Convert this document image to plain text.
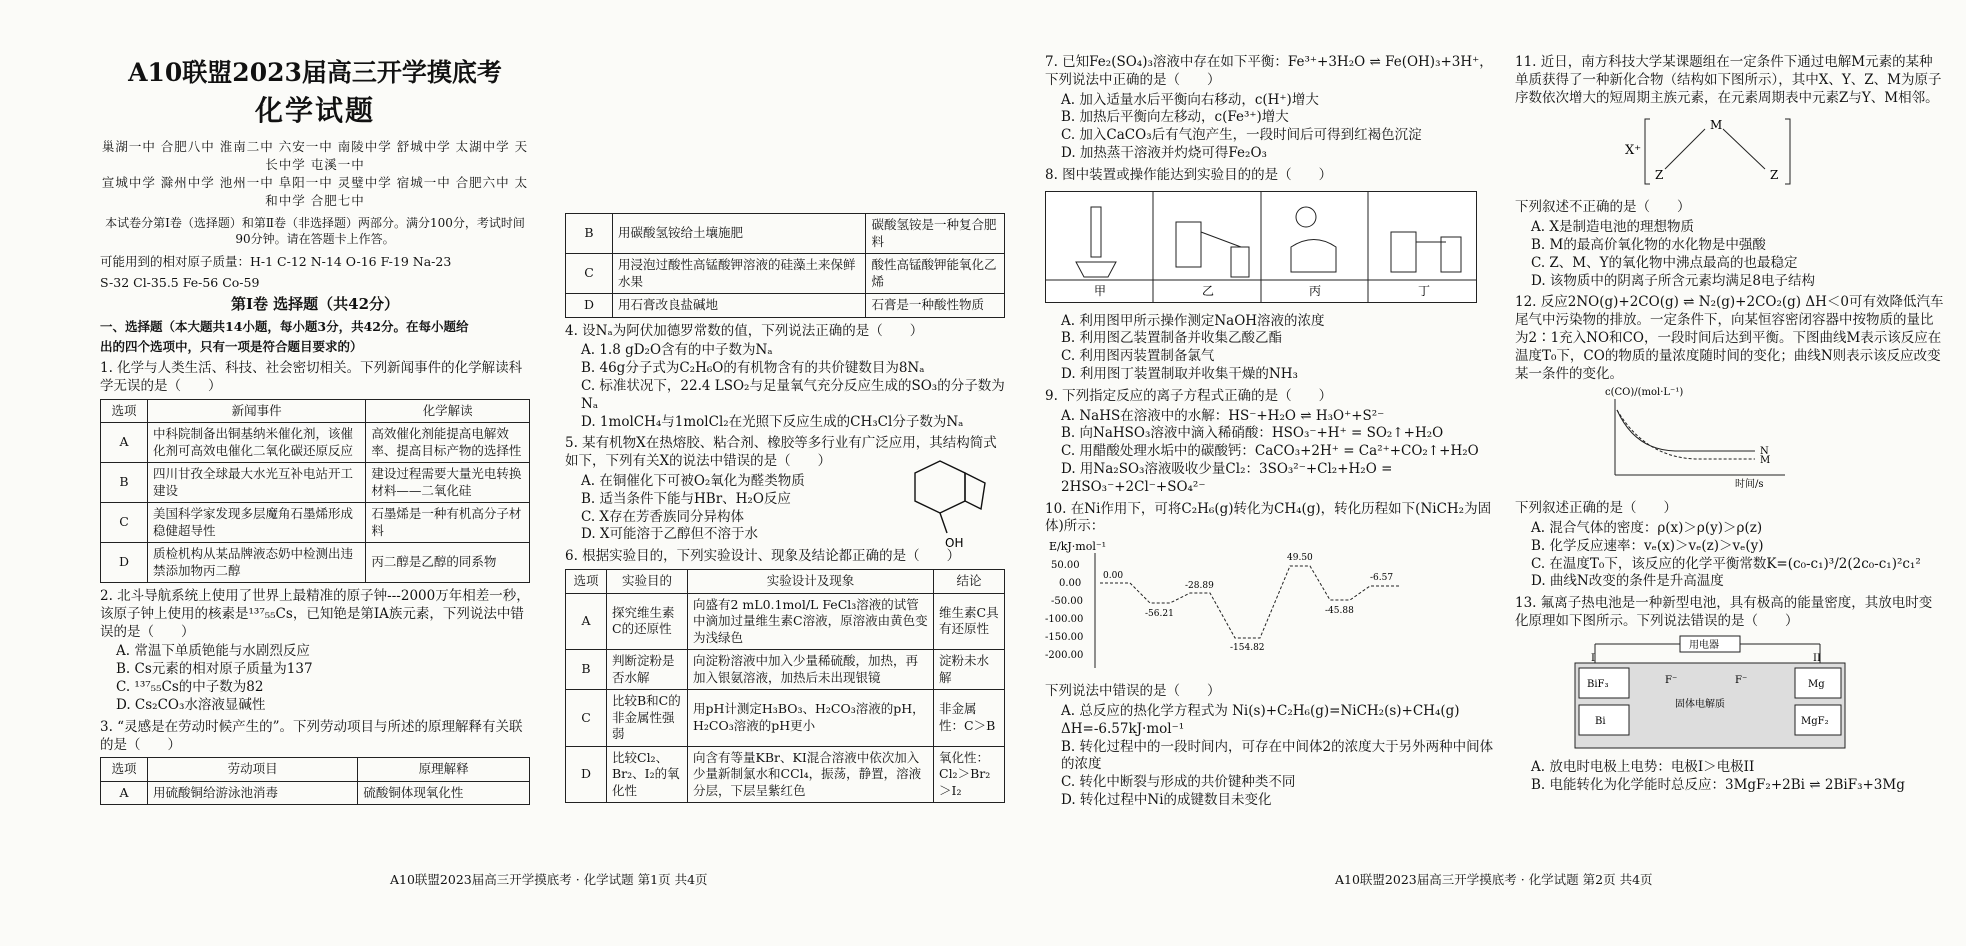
A10联盟2023届高三开学摸底考
化学试题
巢湖一中 合肥八中 淮南二中 六安一中 南陵中学 舒城中学 太湖中学 天长中学 屯溪一中
宣城中学 滁州中学 池州一中 阜阳一中 灵璧中学 宿城一中 合肥六中 太和中学 合肥七中
本试卷分第Ⅰ卷（选择题）和第Ⅱ卷（非选择题）两部分。满分100分，考试时间90分钟。请在答题卡上作答。
可能用到的相对原子质量：H-1 C-12 N-14 O-16 F-19 Na-23
S-32 Cl-35.5 Fe-56 Co-59
第Ⅰ卷 选择题（共42分）
一、选择题（本大题共14小题，每小题3分，共42分。在每小题给
出的四个选项中，只有一项是符合题目要求的）
1. 化学与人类生活、科技、社会密切相关。下列新闻事件的化学解读科学无误的是（　　）
选项	新闻事件	化学解读
A	中科院制备出铜基纳米催化剂，该催化剂可高效电催化二氧化碳还原反应	高效催化剂能提高电解效率、提高目标产物的选择性
B	四川甘孜全球最大水光互补电站开工建设	建设过程需要大量光电转换材料——二氧化硅
C	美国科学家发现多层魔角石墨烯形成稳健超导性	石墨烯是一种有机高分子材料
D	质检机构从某品牌液态奶中检测出违禁添加物丙二醇	丙二醇是乙醇的同系物
2. 北斗导航系统上使用了世界上最精准的原子钟---2000万年相差一秒，该原子钟上使用的核素是¹³⁷₅₅Cs，已知铯是第IA族元素，下列说法中错误的是（　　）
A. 常温下单质铯能与水剧烈反应
B. Cs元素的相对原子质量为137
C. ¹³⁷₅₅Cs的中子数为82
D. Cs₂CO₃水溶液显碱性
3. “灵感是在劳动时候产生的”。下列劳动项目与所述的原理解释有关联的是（　　）
选项	劳动项目	原理解释
A	用硫酸铜给游泳池消毒	硫酸铜体现氧化性
B	用碳酸氢铵给土壤施肥	碳酸氢铵是一种复合肥料
C	用浸泡过酸性高锰酸钾溶液的硅藻土来保鲜水果	酸性高锰酸钾能氧化乙烯
D	用石膏改良盐碱地	石膏是一种酸性物质
4. 设Nₐ为阿伏加德罗常数的值，下列说法正确的是（　　）
A. 1.8 gD₂O含有的中子数为Nₐ
B. 46g分子式为C₂H₆O的有机物含有的共价键数目为8Nₐ
C. 标准状况下，22.4 LSO₂与足量氧气充分反应生成的SO₃的分子数为Nₐ
D. 1molCH₄与1molCl₂在光照下反应生成的CH₃Cl分子数为Nₐ
5. 某有机物X在热熔胶、粘合剂、橡胶等多行业有广泛应用，其结构简式如下，下列有关X的说法中错误的是（　　）
A. 在铜催化下可被O₂氧化为醛类物质
B. 适当条件下能与HBr、H₂O反应
C. X存在芳香族同分异构体
D. X可能溶于乙醇但不溶于水
OH
6. 根据实验目的，下列实验设计、现象及结论都正确的是（　　）
选项	实验目的	实验设计及现象	结论
A	探究维生素C的还原性	向盛有2 mL0.1mol/L FeCl₃溶液的试管中滴加过量维生素C溶液，原溶液由黄色变为浅绿色	维生素C具有还原性
B	判断淀粉是否水解	向淀粉溶液中加入少量稀硫酸，加热，再加入银氨溶液，加热后未出现银镜	淀粉未水解
C	比较B和C的非金属性强弱	用pH计测定H₃BO₃、H₂CO₃溶液的pH，H₂CO₃溶液的pH更小	非金属性：C＞B
D	比较Cl₂、Br₂、I₂的氧化性	向含有等量KBr、KI混合溶液中依次加入少量新制氯水和CCl₄，振荡，静置，溶液分层，下层呈紫红色	氧化性：Cl₂＞Br₂＞I₂
A10联盟2023届高三开学摸底考 · 化学试题 第1页 共4页
7. 已知Fe₂(SO₄)₃溶液中存在如下平衡：Fe³⁺+3H₂O ⇌ Fe(OH)₃+3H⁺，下列说法中正确的是（　　）
A. 加入适量水后平衡向右移动，c(H⁺)增大
B. 加热后平衡向左移动，c(Fe³⁺)增大
C. 加入CaCO₃后有气泡产生，一段时间后可得到红褐色沉淀
D. 加热蒸干溶液并灼烧可得Fe₂O₃
8. 图中装置或操作能达到实验目的的是（　　）
甲	乙	丙	丁
A. 利用图甲所示操作测定NaOH溶液的浓度
B. 利用图乙装置制备并收集乙酸乙酯
C. 利用图丙装置制备氯气
D. 利用图丁装置制取并收集干燥的NH₃
9. 下列指定反应的离子方程式正确的是（　　）
A. NaHS在溶液中的水解：HS⁻+H₂O ⇌ H₃O⁺+S²⁻
B. 向NaHSO₃溶液中滴入稀硝酸：HSO₃⁻+H⁺ = SO₂↑+H₂O
C. 用醋酸处理水垢中的碳酸钙：CaCO₃+2H⁺ = Ca²⁺+CO₂↑+H₂O
D. 用Na₂SO₃溶液吸收少量Cl₂：3SO₃²⁻+Cl₂+H₂O = 2HSO₃⁻+2Cl⁻+SO₄²⁻
10. 在Ni作用下，可将C₂H₆(g)转化为CH₄(g)，转化历程如下(NiCH₂为固体)所示：
E/kJ·mol⁻¹
50.00
0.00
-50.00
-100.00
-150.00
-200.00
0.00
-56.21
-28.89
-154.82
49.50
-45.88
-6.57
下列说法中错误的是（　　）
A. 总反应的热化学方程式为 Ni(s)+C₂H₆(g)=NiCH₂(s)+CH₄(g) ΔH=-6.57kJ·mol⁻¹
B. 转化过程中的一段时间内，可存在中间体2的浓度大于另外两种中间体的浓度
C. 转化中断裂与形成的共价键种类不同
D. 转化过程中Ni的成键数目未变化
11. 近日，南方科技大学某课题组在一定条件下通过电解M元素的某种单质获得了一种新化合物（结构如下图所示），其中X、Y、Z、M为原子序数依次增大的短周期主族元素，在元素周期表中元素Z与Y、M相邻。
X⁺
Z
M
Z
下列叙述不正确的是（　　）
A. X是制造电池的理想物质
B. M的最高价氧化物的水化物是中强酸
C. Z、M、Y的氧化物中沸点最高的也最稳定
D. 该物质中的阴离子所含元素均满足8电子结构
12. 反应2NO(g)+2CO(g) ⇌ N₂(g)+2CO₂(g) ΔH＜0可有效降低汽车尾气中污染物的排放。一定条件下，向某恒容密闭容器中按物质的量比为2∶1充入NO和CO，一段时间后达到平衡。下图曲线M表示该反应在温度T₀下，CO的物质的量浓度随时间的变化；曲线N则表示该反应改变某一条件的变化。
c(CO)/(mol·L⁻¹)
N
M
时间/s
下列叙述正确的是（　　）
A. 混合气体的密度：ρ(x)＞ρ(y)＞ρ(z)
B. 化学反应速率：vₑ(x)＞vₑ(z)＞vₑ(y)
C. 在温度T₀下，该反应的化学平衡常数K=(c₀-c₁)³/2(2c₀-c₁)²c₁²
D. 曲线N改变的条件是升高温度
13. 氟离子热电池是一种新型电池，具有极高的能量密度，其放电时变化原理如下图所示。下列说法错误的是（　　）
用电器
BiF₃
Bi
Mg
MgF₂
固体电解质
F⁻	F⁻
I	II
A. 放电时电极上电势：电极I＞电极II
B. 电能转化为化学能时总反应：3MgF₂+2Bi ⇌ 2BiF₃+3Mg
A10联盟2023届高三开学摸底考 · 化学试题 第2页 共4页
